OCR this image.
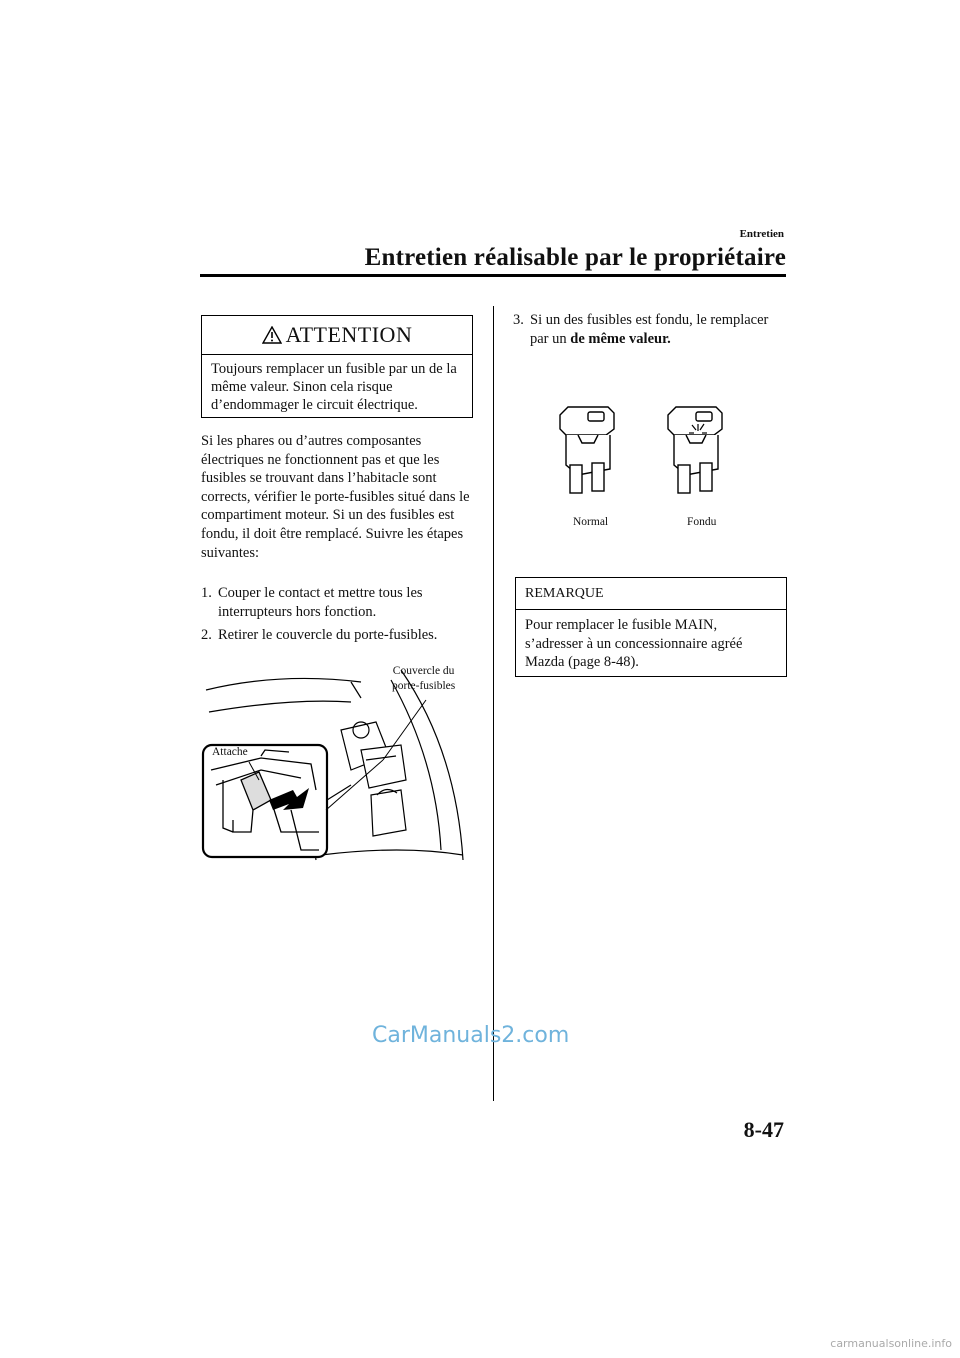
Entretien
Entretien réalisable par le propriétaire
ATTENTION
Toujours remplacer un fusible par un de la même valeur. Sinon cela risque d’endommager le circuit électrique.
Si les phares ou d’autres composantes électriques ne fonctionnent pas et que les fusibles se trouvant dans l’habitacle sont corrects, vérifier le porte-fusibles situé dans le compartiment moteur. Si un des fusibles est fondu, il doit être remplacé. Suivre les étapes suivantes:
1. Couper le contact et mettre tous les interrupteurs hors fonction.
2. Retirer le couvercle du porte-fusibles.
Couvercle du
porte-fusibles
Attache
3. Si un des fusibles est fondu, le remplacer par un de même valeur.
Normal	Fondu
REMARQUE
Pour remplacer le fusible MAIN, s’adresser à un concessionnaire agréé Mazda (page 8-48).
CarManuals2.com
8-47
carmanualsonline.info
